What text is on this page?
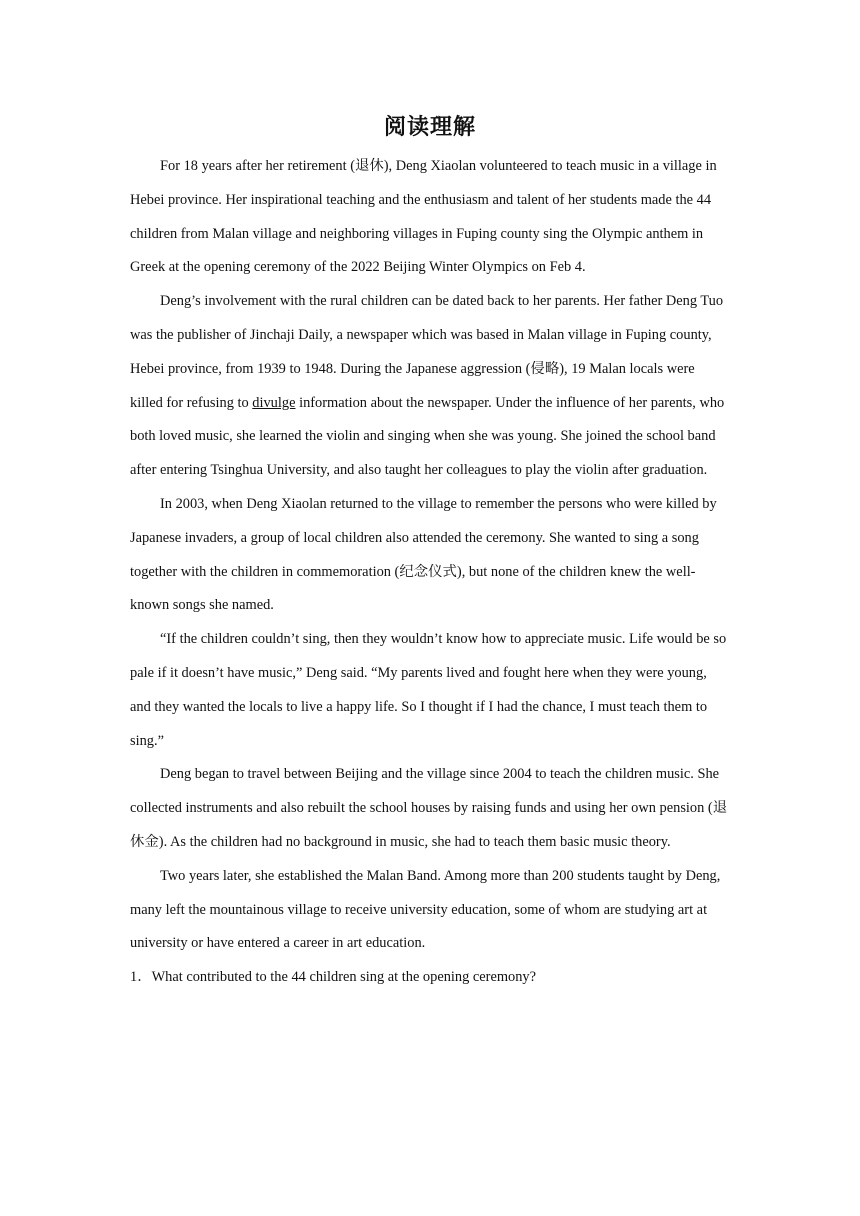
阅读理解

For 18 years after her retirement (退休), Deng Xiaolan volunteered to teach music in a village in Hebei province. Her inspirational teaching and the enthusiasm and talent of her students made the 44 children from Malan village and neighboring villages in Fuping county sing the Olympic anthem in Greek at the opening ceremony of the 2022 Beijing Winter Olympics on Feb 4.

Deng’s involvement with the rural children can be dated back to her parents. Her father Deng Tuo was the publisher of Jinchaji Daily, a newspaper which was based in Malan village in Fuping county, Hebei province, from 1939 to 1948. During the Japanese aggression (侵略), 19 Malan locals were killed for refusing to divulge information about the newspaper. Under the influence of her parents, who both loved music, she learned the violin and singing when she was young. She joined the school band after entering Tsinghua University, and also taught her colleagues to play the violin after graduation.

In 2003, when Deng Xiaolan returned to the village to remember the persons who were killed by Japanese invaders, a group of local children also attended the ceremony. She wanted to sing a song together with the children in commemoration (纪念仪式), but none of the children knew the well-known songs she named.

“If the children couldn’t sing, then they wouldn’t know how to appreciate music. Life would be so pale if it doesn’t have music,” Deng said. “My parents lived and fought here when they were young, and they wanted the locals to live a happy life. So I thought if I had the chance, I must teach them to sing.”

Deng began to travel between Beijing and the village since 2004 to teach the children music. She collected instruments and also rebuilt the school houses by raising funds and using her own pension (退休金). As the children had no background in music, she had to teach them basic music theory.

Two years later, she established the Malan Band. Among more than 200 students taught by Deng, many left the mountainous village to receive university education, some of whom are studying art at university or have entered a career in art education.

1．What contributed to the 44 children sing at the opening ceremony?
